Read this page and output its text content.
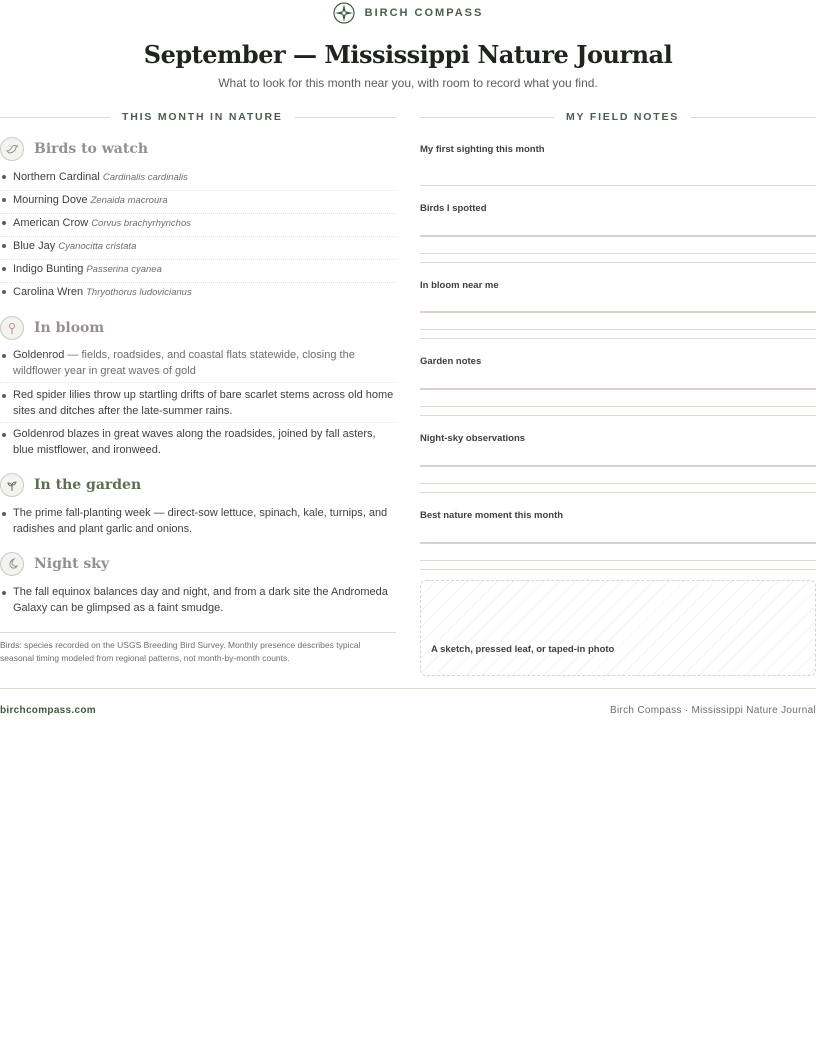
BIRCH COMPASS
September — Mississippi Nature Journal
What to look for this month near you, with room to record what you find.
THIS MONTH IN NATURE	MY FIELD NOTES
Birds to watch
Northern Cardinal Cardinalis cardinalis
Mourning Dove Zenaida macroura
American Crow Corvus brachyrhynchos
Blue Jay Cyanocitta cristata
Indigo Bunting Passerina cyanea
Carolina Wren Thryothorus ludovicianus
In bloom
Goldenrod — fields, roadsides, and coastal flats statewide, closing the wildflower year in great waves of gold
Red spider lilies throw up startling drifts of bare scarlet stems across old home sites and ditches after the late-summer rains.
Goldenrod blazes in great waves along the roadsides, joined by fall asters, blue mistflower, and ironweed.
In the garden
The prime fall-planting week — direct-sow lettuce, spinach, kale, turnips, and radishes and plant garlic and onions.
Night sky
The fall equinox balances day and night, and from a dark site the Andromeda Galaxy can be glimpsed as a faint smudge.
Birds: species recorded on the USGS Breeding Bird Survey. Monthly presence describes typical seasonal timing modeled from regional patterns, not month-by-month counts.
My first sighting this month
Birds I spotted
In bloom near me
Garden notes
Night-sky observations
Best nature moment this month
A sketch, pressed leaf, or taped-in photo
birchcompass.com	Birch Compass · Mississippi Nature Journal
